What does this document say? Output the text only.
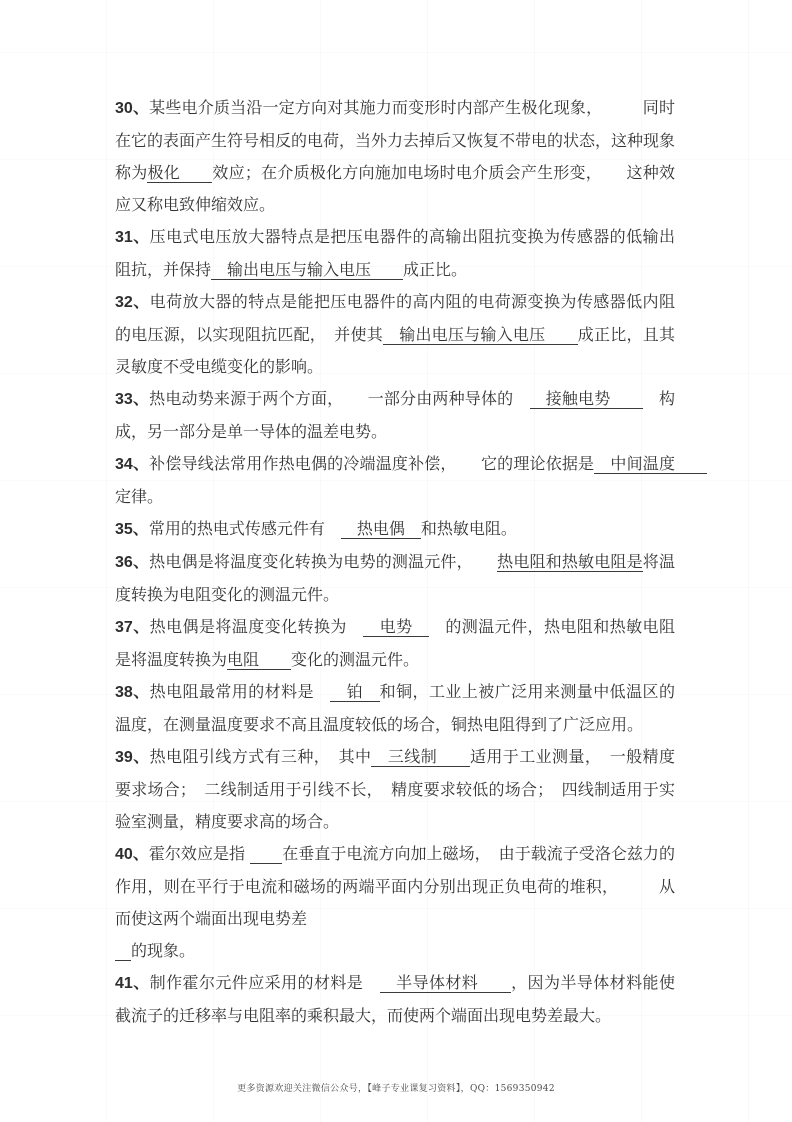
30、某些电介质当沿一定方向对其施力而变形时内部产生极化现象，　　　同时在它的表面产生符号相反的电荷，当外力去掉后又恢复不带电的状态，这种现象称为极化　　效应；在介质极化方向施加电场时电介质会产生形变，　　这种效应又称电致伸缩效应。

31、压电式电压放大器特点是把压电器件的高输出阻抗变换为传感器的低输出阻抗，并保持　输出电压与输入电压　　成正比。

32、电荷放大器的特点是能把压电器件的高内阻的电荷源变换为传感器低内阻的电压源，以实现阻抗匹配，　并使其　输出电压与输入电压　　成正比，且其灵敏度不受电缆变化的影响。

33、热电动势来源于两个方面，　　一部分由两种导体的　　接触电势　　　构成，另一部分是单一导体的温差电势。

34、补偿导线法常用作热电偶的冷端温度补偿，　　它的理论依据是　中间温度　　定律。

35、常用的热电式传感元件有　　热电偶　和热敏电阻。

36、热电偶是将温度变化转换为电势的测温元件，　　热电阻和热敏电阻是将温度转换为电阻变化的测温元件。

37、热电偶是将温度变化转换为　　电势　　的测温元件，热电阻和热敏电阻是将温度转换为电阻　　变化的测温元件。

38、热电阻最常用的材料是　　铂　和铜，工业上被广泛用来测量中低温区的温度，在测量温度要求不高且温度较低的场合，铜热电阻得到了广泛应用。

39、热电阻引线方式有三种，　其中　三线制　　适用于工业测量，　一般精度要求场合；　二线制适用于引线不长，　精度要求较低的场合；　四线制适用于实验室测量，精度要求高的场合。

40、霍尔效应是指 　　在垂直于电流方向加上磁场，　由于载流子受洛仑兹力的作用，则在平行于电流和磁场的两端平面内分别出现正负电荷的堆积，　　　从而使这两个端面出现电势差
　的现象。

41、制作霍尔元件应采用的材料是　　半导体材料　　，因为半导体材料能使截流子的迁移率与电阻率的乘积最大，而使两个端面出现电势差最大。

更多资源欢迎关注微信公众号，【峰子专业课复习资料】，QQ：1569350942
